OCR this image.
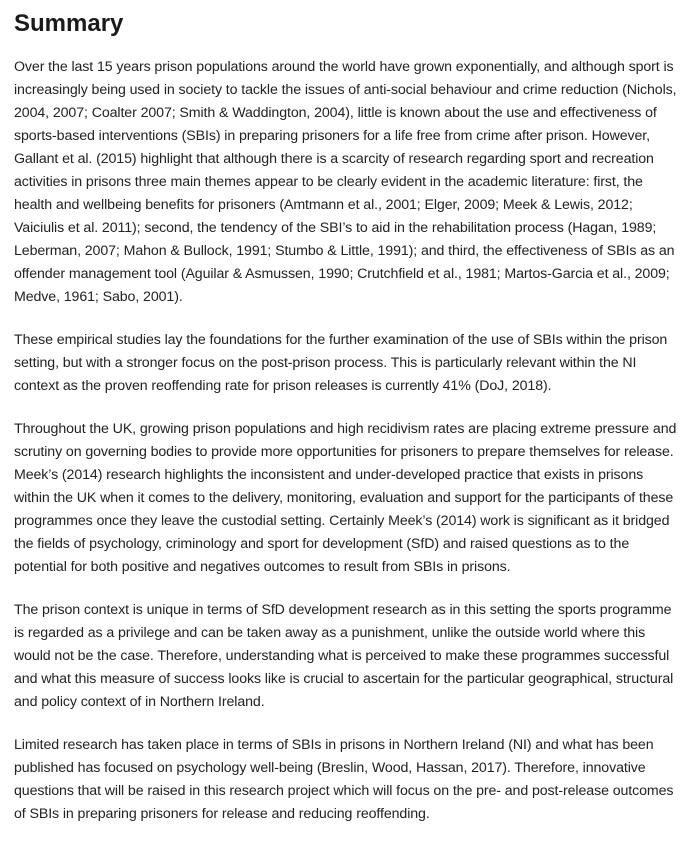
Summary

Over the last 15 years prison populations around the world have grown exponentially, and although sport is increasingly being used in society to tackle the issues of anti-social behaviour and crime reduction (Nichols, 2004, 2007; Coalter 2007; Smith & Waddington, 2004), little is known about the use and effectiveness of sports-based interventions (SBIs) in preparing prisoners for a life free from crime after prison. However, Gallant et al. (2015) highlight that although there is a scarcity of research regarding sport and recreation activities in prisons three main themes appear to be clearly evident in the academic literature: first, the health and wellbeing benefits for prisoners (Amtmann et al., 2001; Elger, 2009; Meek & Lewis, 2012; Vaiciulis et al. 2011); second, the tendency of the SBI’s to aid in the rehabilitation process (Hagan, 1989; Leberman, 2007; Mahon & Bullock, 1991; Stumbo & Little, 1991); and third, the effectiveness of SBIs as an offender management tool (Aguilar & Asmussen, 1990; Crutchfield et al., 1981; Martos-Garcia et al., 2009; Medve, 1961; Sabo, 2001).

These empirical studies lay the foundations for the further examination of the use of SBIs within the prison setting, but with a stronger focus on the post-prison process. This is particularly relevant within the NI context as the proven reoffending rate for prison releases is currently 41% (DoJ, 2018).

Throughout the UK, growing prison populations and high recidivism rates are placing extreme pressure and scrutiny on governing bodies to provide more opportunities for prisoners to prepare themselves for release. Meek’s (2014) research highlights the inconsistent and under-developed practice that exists in prisons within the UK when it comes to the delivery, monitoring, evaluation and support for the participants of these programmes once they leave the custodial setting. Certainly Meek’s (2014) work is significant as it bridged the fields of psychology, criminology and sport for development (SfD) and raised questions as to the potential for both positive and negatives outcomes to result from SBIs in prisons.

The prison context is unique in terms of SfD development research as in this setting the sports programme is regarded as a privilege and can be taken away as a punishment, unlike the outside world where this would not be the case. Therefore, understanding what is perceived to make these programmes successful and what this measure of success looks like is crucial to ascertain for the particular geographical, structural and policy context of in Northern Ireland.

Limited research has taken place in terms of SBIs in prisons in Northern Ireland (NI) and what has been published has focused on psychology well-being (Breslin, Wood, Hassan, 2017). Therefore, innovative questions that will be raised in this research project which will focus on the pre- and post-release outcomes of SBIs in preparing prisoners for release and reducing reoffending.
